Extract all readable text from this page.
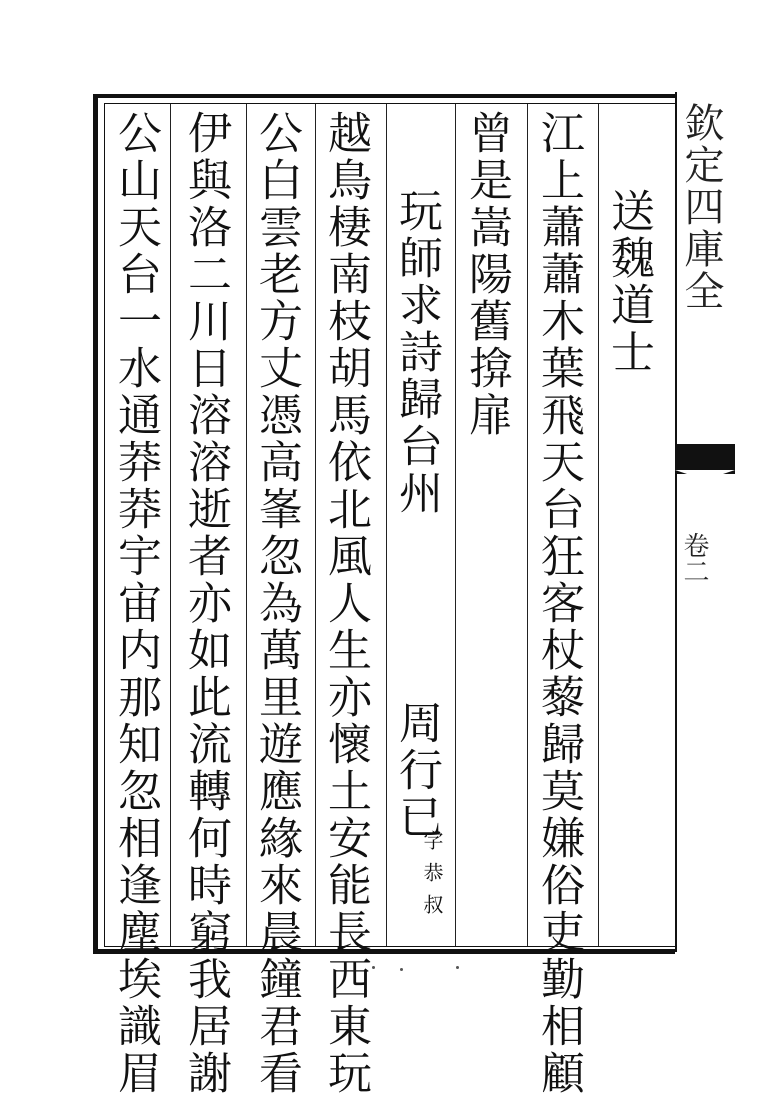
送魏道士
江上蕭蕭木葉飛天台狂客杖藜歸莫嫌俗吏勤相顧
曾是嵩陽舊揜扉
玩師求詩歸台州
周行已
字恭叔
越鳥棲南枝胡馬依北風人生亦懷土安能長西東玩
公白雲老方丈憑高峯忽為萬里遊應緣來晨鐘君看
伊與洛二川日溶溶逝者亦如此流轉何時窮我居謝
公山天台一水通莽莽宇宙内那知忽相逢塵埃識眉	欽定四庫全
卷二
